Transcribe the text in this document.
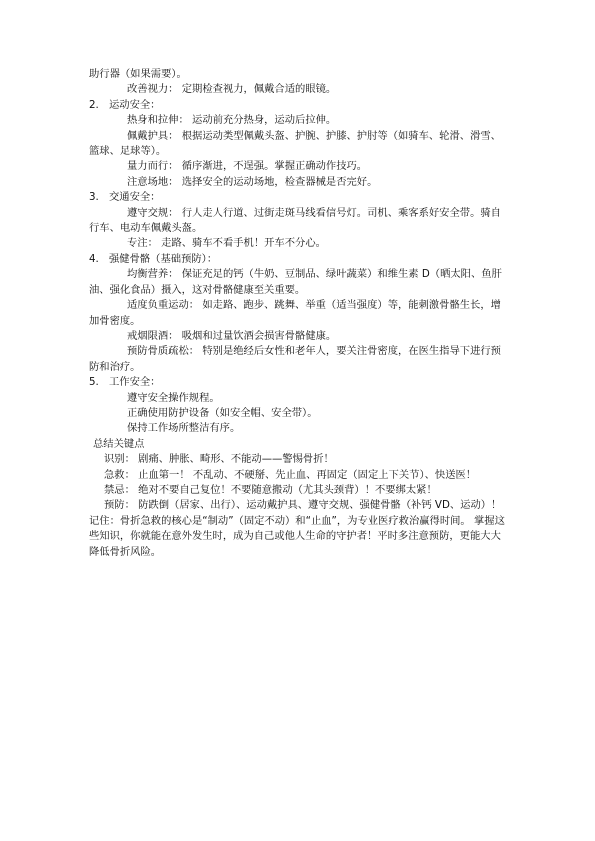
助行器（如果需要）。

改善视力： 定期检查视力，佩戴合适的眼镜。

2. 运动安全：

热身和拉伸： 运动前充分热身，运动后拉伸。

佩戴护具： 根据运动类型佩戴头盔、护腕、护膝、护肘等（如骑车、轮滑、滑雪、

篮球、足球等）。

量力而行： 循序渐进，不逞强。掌握正确动作技巧。

注意场地： 选择安全的运动场地，检查器械是否完好。

3. 交通安全：

遵守交规： 行人走人行道、过街走斑马线看信号灯。司机、乘客系好安全带。骑自

行车、电动车佩戴头盔。

专注： 走路、骑车不看手机！开车不分心。

4. 强健骨骼（基础预防）：

均衡营养： 保证充足的钙（牛奶、豆制品、绿叶蔬菜）和维生素 D（晒太阳、鱼肝

油、强化食品）摄入，这对骨骼健康至关重要。

适度负重运动： 如走路、跑步、跳舞、举重（适当强度）等，能刺激骨骼生长，增

加骨密度。

戒烟限酒： 吸烟和过量饮酒会损害骨骼健康。

预防骨质疏松： 特别是绝经后女性和老年人，要关注骨密度，在医生指导下进行预

防和治疗。

5. 工作安全：

遵守安全操作规程。

正确使用防护设备（如安全帽、安全带）。

保持工作场所整洁有序。

总结关键点

识别： 剧痛、肿胀、畸形、不能动——警惕骨折！

急救： 止血第一！ 不乱动、不硬掰、先止血、再固定（固定上下关节）、快送医！

禁忌： 绝对不要自己复位！不要随意搬动（尤其头颈背）！不要绑太紧！

预防： 防跌倒（居家、出行）、运动戴护具、遵守交规、强健骨骼（补钙 VD、运动）！

记住：骨折急救的核心是“制动”（固定不动）和“止血”，为专业医疗救治赢得时间。 掌握这

些知识，你就能在意外发生时，成为自己或他人生命的守护者！平时多注意预防，更能大大

降低骨折风险。
